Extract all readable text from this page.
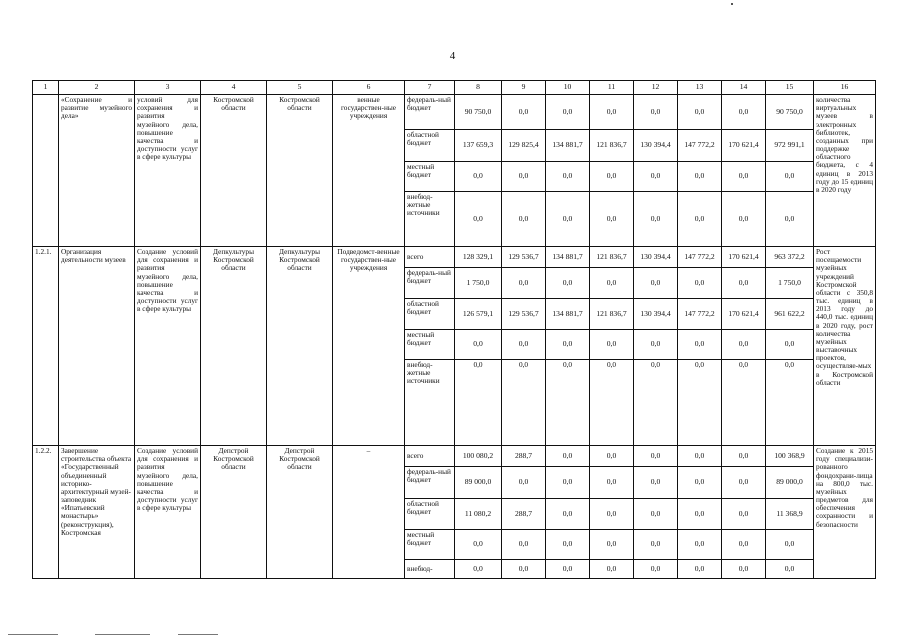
4
1	2	3	4	5	6	7	8	9	10	11	12	13	14	15	16
	«Сохранение и развитие музейного дела»	условий для сохранения и развития музейного дела, повышение качества и доступности услуг в сфере культуры	Костромской области	Костромской области	венные государствен-ные учреждения	федераль-ный бюджет	90 750,0	0,0	0,0	0,0	0,0	0,0	0,0	90 750,0	количества виртуальных музеев в электронных библиотек, созданных при поддержке областного бюджета, с 4 единиц в 2013 году до 15 единиц в 2020 году
						областной бюджет	137 659,3	129 825,4	134 881,7	121 836,7	130 394,4	147 772,2	170 621,4	972 991,1	
						местный бюджет	0,0	0,0	0,0	0,0	0,0	0,0	0,0	0,0	
						внебюд-жетные источники	0,0	0,0	0,0	0,0	0,0	0,0	0,0	0,0	
1.2.1.	Организация деятельности музеев	Создание условий для сохранения и развития музейного дела, повышение качества и доступности услуг в сфере культуры	Депкультуры Костромской области	Депкультуры Костромской области	Подведомст-венные государствен-ные учреждения	всего	128 329,1	129 536,7	134 881,7	121 836,7	130 394,4	147 772,2	170 621,4	963 372,2	Рост посещаемости музейных учреждений Костромской области с 350,8 тыс. единиц в 2013 году до 440,0 тыс. единиц в 2020 году, рост количества музейных выставочных проектов, осуществляе-мых в Костромской области
						федераль-ный бюджет	1 750,0	0,0	0,0	0,0	0,0	0,0	0,0	1 750,0	
						областной бюджет	126 579,1	129 536,7	134 881,7	121 836,7	130 394,4	147 772,2	170 621,4	961 622,2	
						местный бюджет	0,0	0,0	0,0	0,0	0,0	0,0	0,0	0,0	
						внебюд-жетные источники	0,0	0,0	0,0	0,0	0,0	0,0	0,0	0,0	
1.2.2.	Завершение строительства объекта «Государственный объединенный историко-архитектурный музей-заповедник «Ипатьевский монастырь» (реконструкция), Костромская	Создание условий для сохранения и развития музейного дела, повышение качества и доступности услуг в сфере культуры	Депстрой Костромской области	Депстрой Костромской области	–	всего	100 080,2	288,7	0,0	0,0	0,0	0,0	0,0	100 368,9	Создание к 2015 году специализи-рованного фондохрани-лища на 800,0 тыс. музейных предметов для обеспечения сохранности и безопасности
						федераль-ный бюджет	89 000,0	0,0	0,0	0,0	0,0	0,0	0,0	89 000,0	
						областной бюджет	11 080,2	288,7	0,0	0,0	0,0	0,0	0,0	11 368,9	
						местный бюджет	0,0	0,0	0,0	0,0	0,0	0,0	0,0	0,0	
						внебюд-	0,0	0,0	0,0	0,0	0,0	0,0	0,0	0,0	
